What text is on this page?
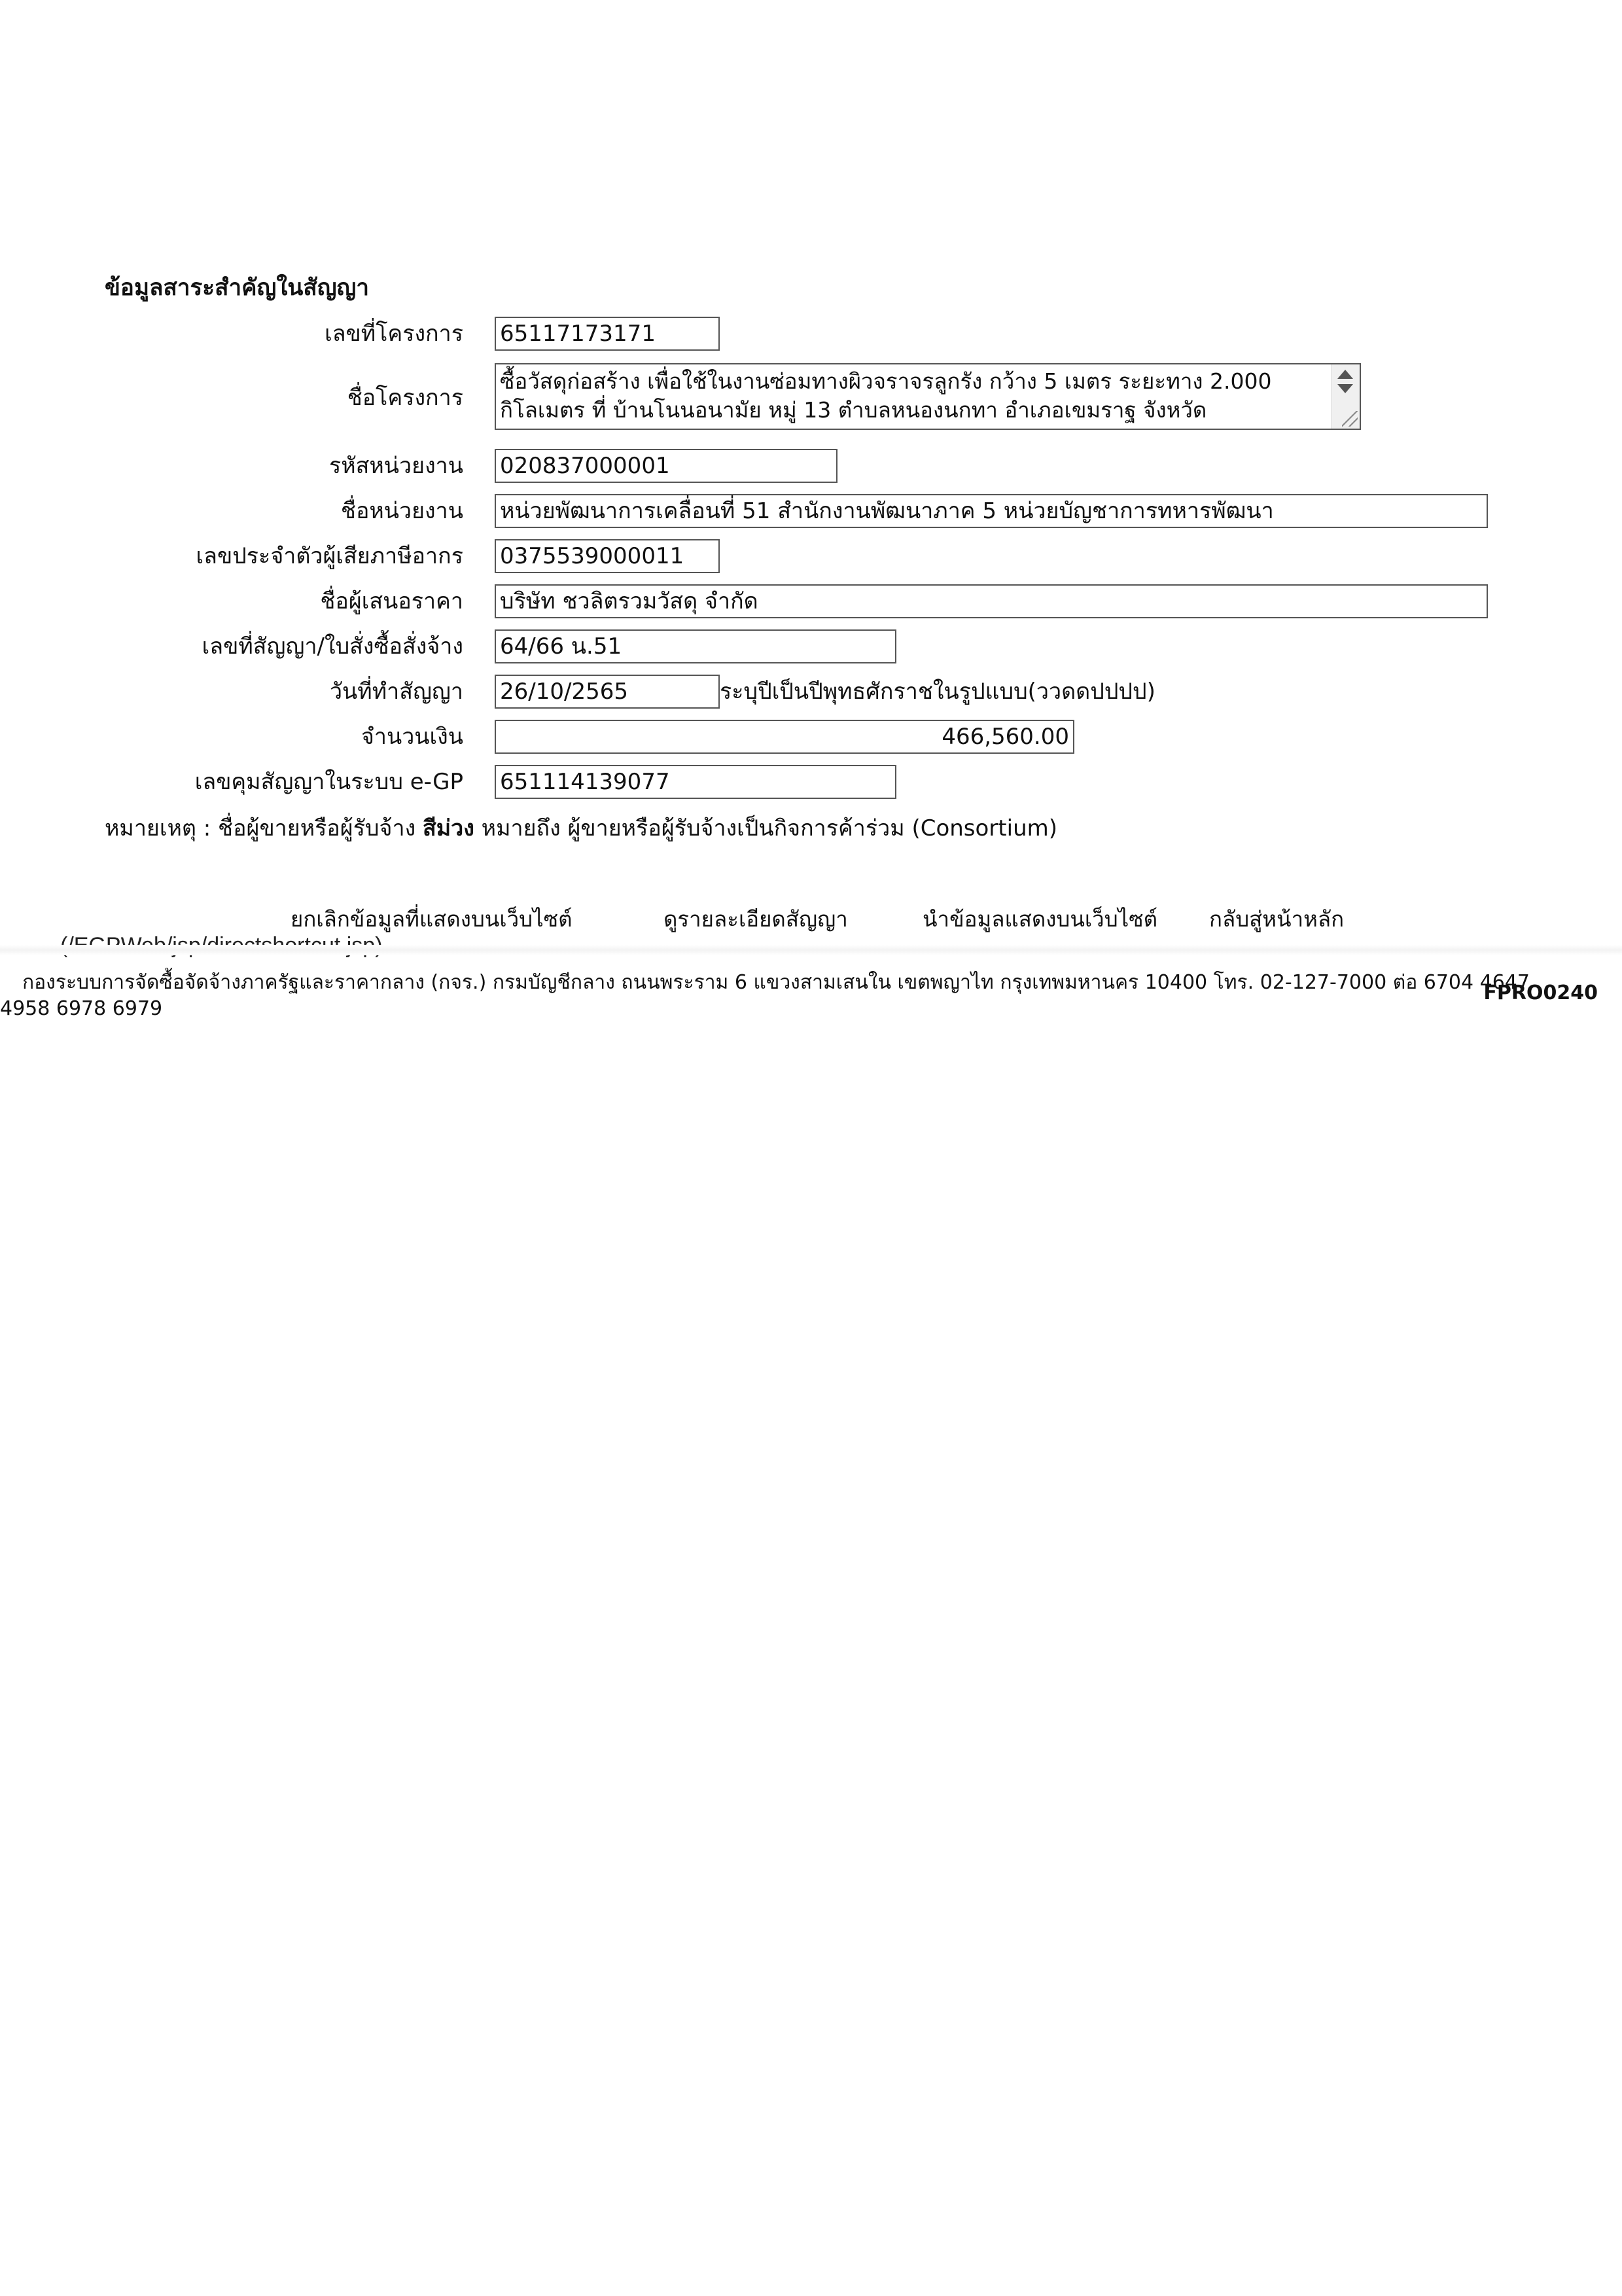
ข้อมูลสาระสำคัญในสัญญา
เลขที่โครงการ 65117173171
ชื่อโครงการ
ซื้อวัสดุก่อสร้าง เพื่อใช้ในงานซ่อมทางผิวจราจรลูกรัง กว้าง 5 เมตร ระยะทาง 2.000 กิโลเมตร ที่ บ้านโนนอนามัย หมู่ 13 ตำบลหนองนกทา อำเภอเขมราฐ จังหวัด
รหัสหน่วยงาน 020837000001
ชื่อหน่วยงาน หน่วยพัฒนาการเคลื่อนที่ 51 สำนักงานพัฒนาภาค 5 หน่วยบัญชาการทหารพัฒนา
เลขประจำตัวผู้เสียภาษีอากร 0375539000011
ชื่อผู้เสนอราคา บริษัท ชวลิตรวมวัสดุ จำกัด
เลขที่สัญญา/ใบสั่งซื้อสั่งจ้าง 64/66 น.51
วันที่ทำสัญญา 26/10/2565	ระบุปีเป็นปีพุทธศักราชในรูปแบบ(ววดดปปปป)
จำนวนเงิน	466,560.00
เลขคุมสัญญาในระบบ e-GP 651114139077
หมายเหตุ : ชื่อผู้ขายหรือผู้รับจ้าง สีม่วง หมายถึง ผู้ขายหรือผู้รับจ้างเป็นกิจการค้าร่วม (Consortium)
ยกเลิกข้อมูลที่แสดงบนเว็บไซต์	ดูรายละเอียดสัญญา	นำข้อมูลแสดงบนเว็บไซต์ กลับสู่หน้าหลัก
กองระบบการจัดซื้อจัดจ้างภาครัฐและราคากลาง (กจร.) กรมบัญชีกลาง ถนนพระราม 6 แขวงสามเสนใน เขตพญาไท กรุงเทพมหานคร 10400 โทร. 02-127-7000 ต่อ 6704 4647
4958 6978 6979
FPRO0240
